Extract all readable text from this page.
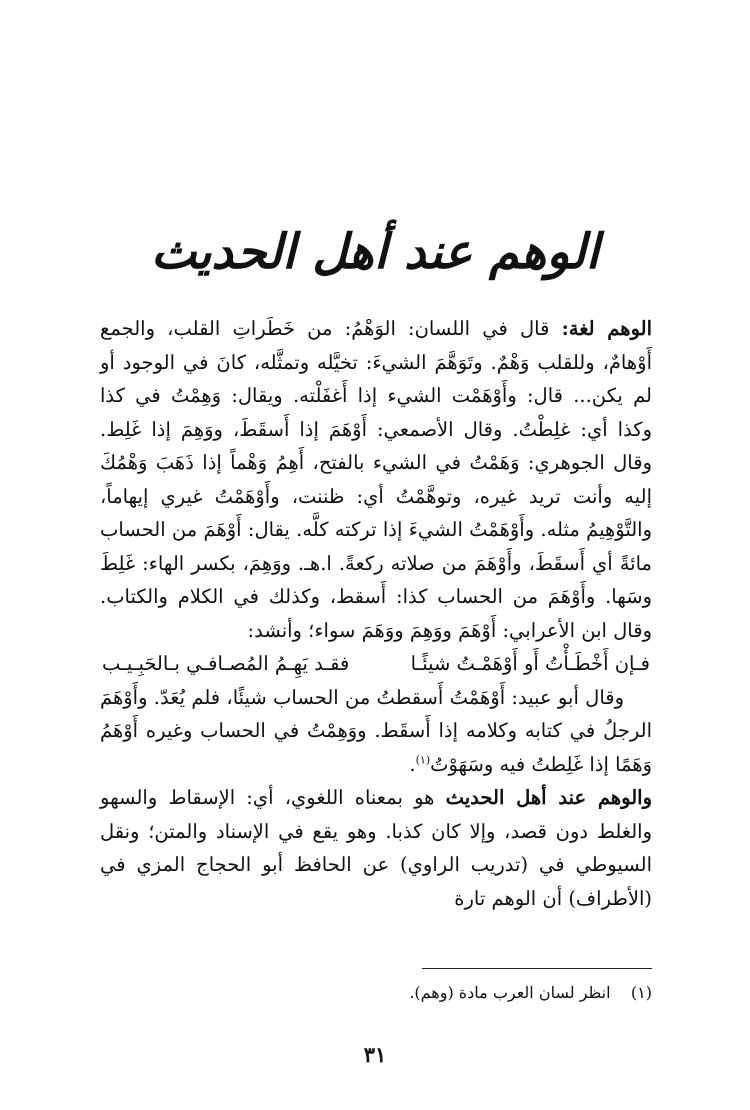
الوهم عند أهل الحديث

الوهم لغة: قال في اللسان: الوَهْمُ: من خَطَراتِ القلب، والجمع أَوْهامٌ، وللقلب وَهْمٌ. وتَوَهَّمَ الشيءَ: تخيَّله وتمثَّله، كانَ في الوجود أو لم يكن... قال: وأَوْهَمْت الشيء إذا أَغفَلْته. ويقال: وَهِمْتُ في كذا وكذا أي: غلِطْتُ. وقال الأصمعي: أَوْهَمَ إذا أَسقَطَ، ووَهِمَ إذا غَلِط. وقال الجوهري: وَهَمْتُ في الشيء بالفتح، أَهِمُ وَهْماً إذا ذَهَبَ وَهْمُكَ إليه وأنت تريد غيره، وتوهَّمْتُ أي: ظننت، وأَوْهَمْتُ غيري إيهاماً، والتَّوْهِيمُ مثله. وأَوْهَمْتُ الشيءَ إذا تركته كلَّه. يقال: أَوْهَمَ من الحساب مائةً أي أَسقَطَ، وأَوْهَمَ من صلاته ركعةً. ا.هـ. ووَهِمَ، بكسر الهاء: غَلِطَ وسَها. وأَوْهَمَ من الحساب كذا: أَسقط، وكذلك في الكلام والكتاب. وقال ابن الأعرابي: أَوْهَمَ ووَهِمَ ووَهَمَ سواء؛ وأنشد:

فـإن أَخْطَـأْتُ أَو أَوْهَمْـتُ شيئًـا
فقـد يَهِـمُ المُصـافـي بـالحَبِـيـب

وقال أبو عبيد: أَوْهَمْتُ أَسقطتُ من الحساب شيئًا، فلم يُعَدّ. وأَوْهَمَ الرجلُ في كتابه وكلامه إذا أَسقَط. ووَهِمْتُ في الحساب وغيره أَوْهَمُ وَهَمًا إذا غَلِطتُ فيه وسَهَوْتُ$^{(١)}$.

والوهم عند أهل الحديث هو بمعناه اللغوي، أي: الإسقاط والسهو والغلط دون قصد، وإلا كان كذبا. وهو يقع في الإسناد والمتن؛ ونقل السيوطي في (تدريب الراوي) عن الحافظ أبو الحجاج المزي في (الأطراف) أن الوهم تارة

(١)    انظر لسان العرب مادة (وهم).
٣١
